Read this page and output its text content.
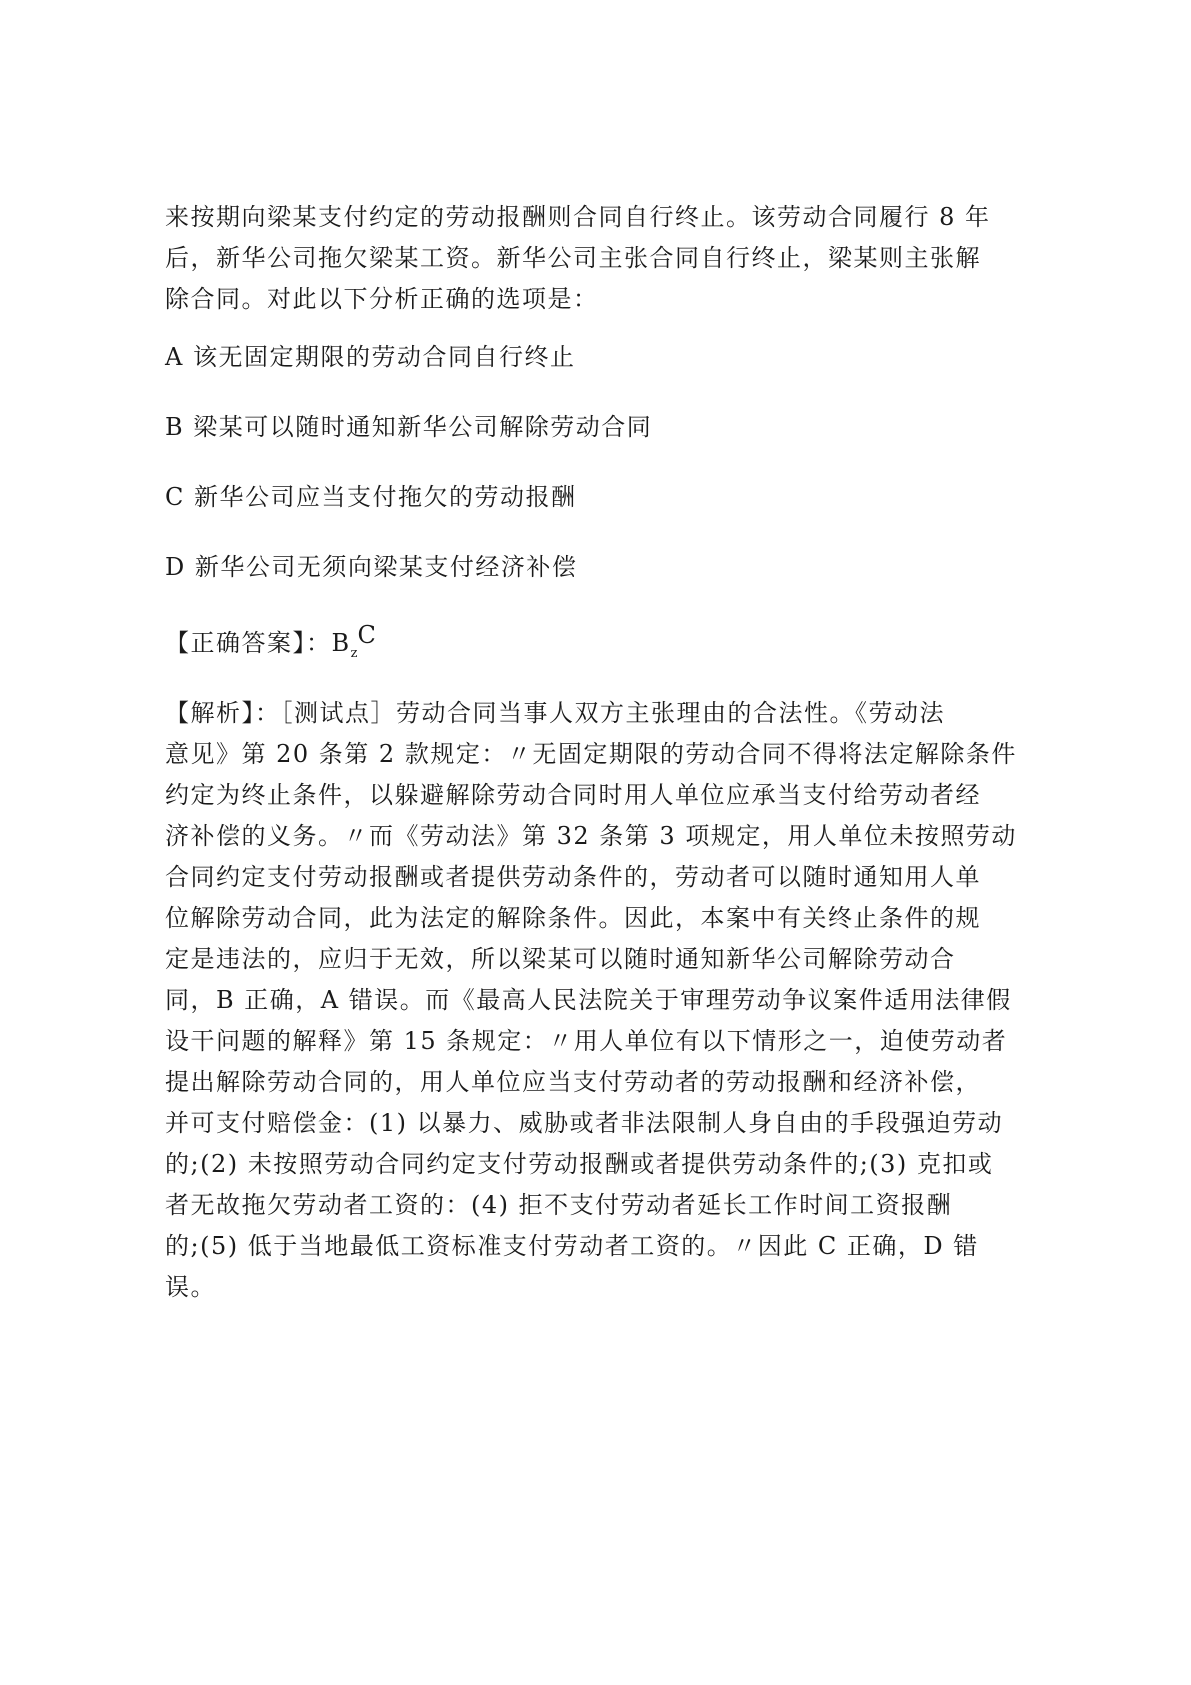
来按期向梁某支付约定的劳动报酬则合同自行终止。该劳动合同履行 8 年
后，新华公司拖欠梁某工资。新华公司主张合同自行终止，梁某则主张解
除合同。对此以下分析正确的选项是：
A 该无固定期限的劳动合同自行终止
B 梁某可以随时通知新华公司解除劳动合同
C 新华公司应当支付拖欠的劳动报酬
D 新华公司无须向梁某支付经济补偿
【正确答案】：$B_zC$
【解析】：［测试点］劳动合同当事人双方主张理由的合法性。《劳动法
意见》第 20 条第 2 款规定：〃无固定期限的劳动合同不得将法定解除条件
约定为终止条件，以躲避解除劳动合同时用人单位应承当支付给劳动者经
济补偿的义务。〃而《劳动法》第 32 条第 3 项规定，用人单位未按照劳动
合同约定支付劳动报酬或者提供劳动条件的，劳动者可以随时通知用人单
位解除劳动合同，此为法定的解除条件。因此，本案中有关终止条件的规
定是违法的，应归于无效，所以梁某可以随时通知新华公司解除劳动合
同，B 正确，A 错误。而《最高人民法院关于审理劳动争议案件适用法律假
设干问题的解释》第 15 条规定：〃用人单位有以下情形之一，迫使劳动者
提出解除劳动合同的，用人单位应当支付劳动者的劳动报酬和经济补偿，
并可支付赔偿金：(1) 以暴力、威胁或者非法限制人身自由的手段强迫劳动
的;(2) 未按照劳动合同约定支付劳动报酬或者提供劳动条件的;(3) 克扣或
者无故拖欠劳动者工资的：(4) 拒不支付劳动者延长工作时间工资报酬
的;(5) 低于当地最低工资标准支付劳动者工资的。〃因此 C 正确，D 错
误。
